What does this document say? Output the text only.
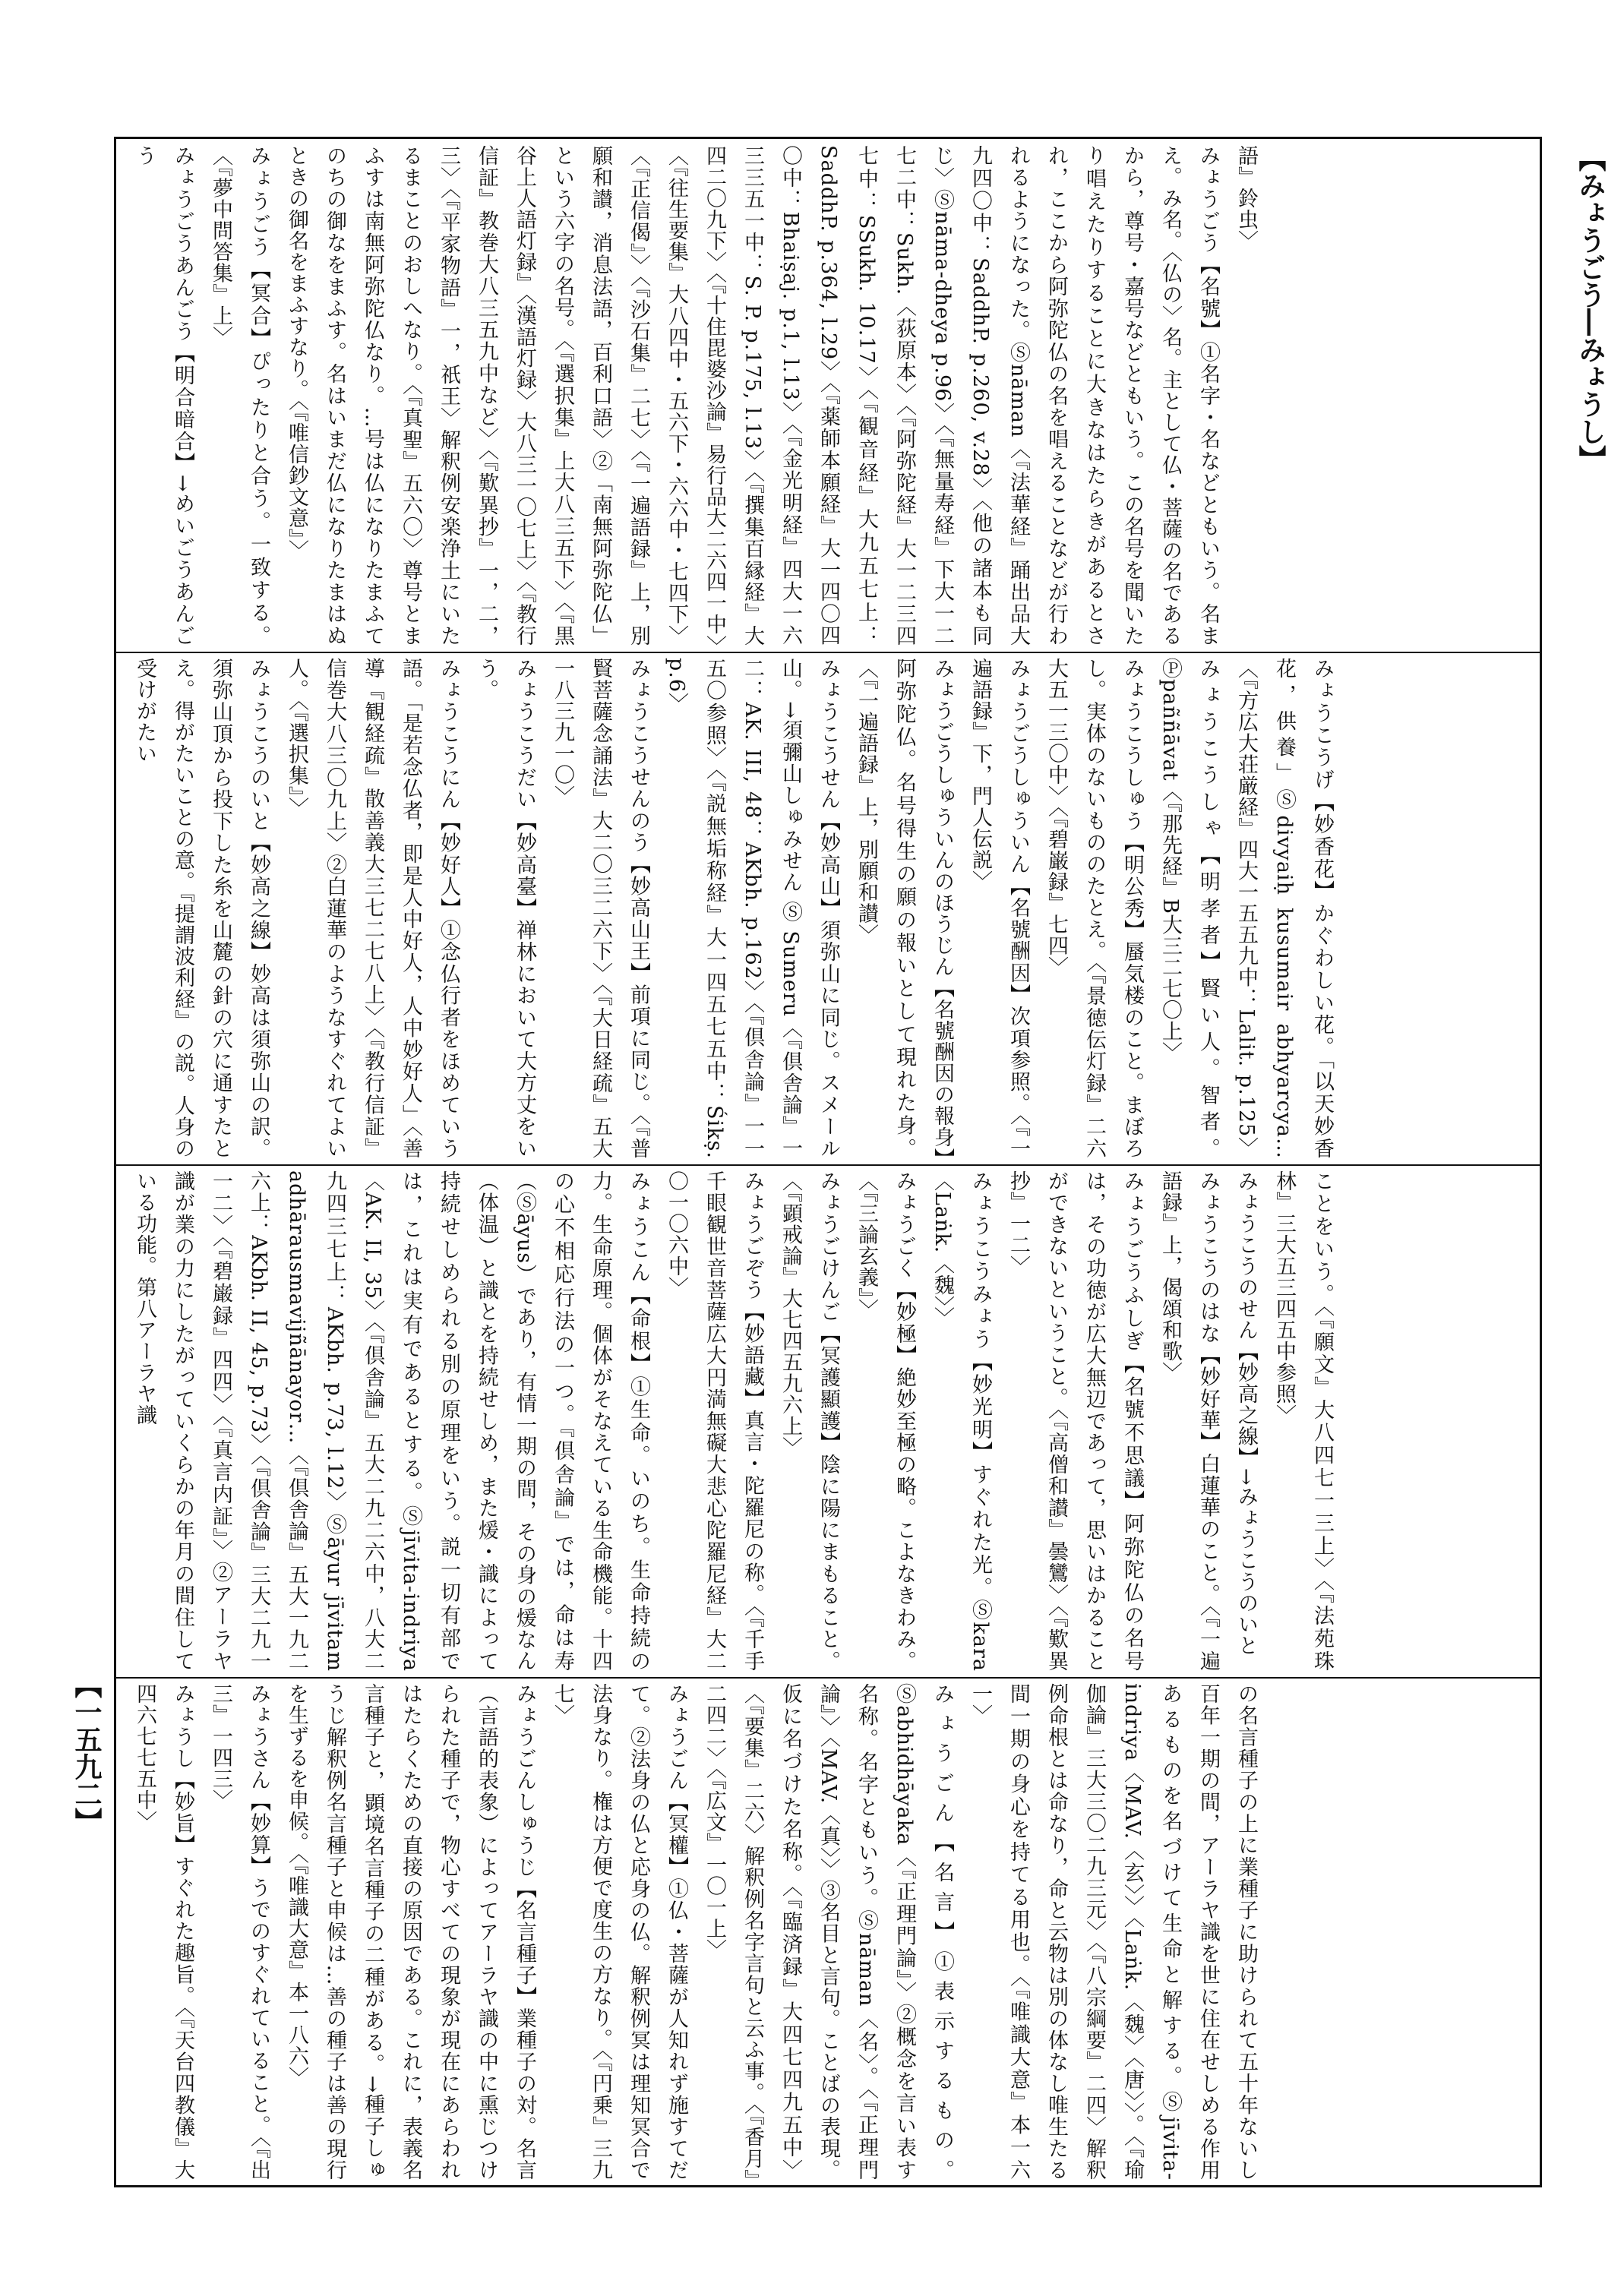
【みょうごう―みょうし】

語』鈴虫〉

みょうごう【名號】①名字・名などともいう。名まえ。み名。〈仏の〉名。主として仏・菩薩の名であるから，尊号・嘉号などともいう。この名号を聞いたり唱えたりすることに大きなはたらきがあるとされ，ここから阿弥陀仏の名を唱えることなどが行われるようになった。Ⓢnāman〈『法華経』踊出品大九四〇中：SaddhP. p.260, v.28〉〈他の諸本も同じ〉Ⓢnāma-dheya p.96〉〈『無量寿経』下大一二七二中：Sukh.〈荻原本〉〈『阿弥陀経』大一二三四七中：SSukh. 10.17〉〈『観音経』大九五七上：SaddhP. p.364, l.29〉〈『薬師本願経』大一四〇四〇中：Bhaiṣaj. p.1, l.13〉〈『金光明経』四大一六三三五一中：S. P. p.175, l.13〉〈『撰集百縁経』大四二〇九下〉〈『十住毘婆沙論』易行品大二六四一中〉〈『往生要集』大八四中・五六下・六六中・七四下〉〈『正信偈』〉〈『沙石集』二七〉〈『一遍語録』上，別願和讃，消息法語，百利口語〉②「南無阿弥陀仏」という六字の名号。〈『選択集』上大八三五下〉〈『黒谷上人語灯録』〈漢語灯録〉大八三一〇七上〉〈『教行信証』教巻大八三五九中など〉〈『歎異抄』一，二，三〉〈『平家物語』一，祇王〉解釈例安楽浄土にいたるまことのおしへなり。〈『真聖』五六〇〉尊号とまふすは南無阿弥陀仏なり。…号は仏になりたまふてのちの御なをまふす。名はいまだ仏になりたまはぬときの御名をまふすなり。〈『唯信鈔文意』〉

みょうごう【冥合】ぴったりと合う。一致する。〈『夢中問答集』上〉

みょうごうあんごう【明合暗合】→めいごうあんごう

みょうこうげ【妙香花】かぐわしい花。「以天妙香花，供養」Ⓢdivyaiḥ kusumair abhyarcya…〈『方広大荘厳経』四大一五五九中：Lalit. p.125〉

みょうこうしゃ【明孝者】賢い人。智者。Ⓟpaññāvat〈『那先経』B大三二七〇上〉

みょうこうしゅう【明公秀】蜃気楼のこと。まぼろし。実体のないもののたとえ。〈『景徳伝灯録』二六大五一三〇中〉〈『碧巌録』七四〉

みょうごうしゅういん【名號酬因】次項参照。〈『一遍語録』下，門人伝説〉

みょうごうしゅういんのほうじん【名號酬因の報身】阿弥陀仏。名号得生の願の報いとして現れた身。〈『一遍語録』上，別願和讃〉

みょうこうせん【妙高山】須弥山に同じ。スメール山。→須彌山しゅみせん Ⓢ Sumeru〈『倶舎論』一二：AK. III, 48：AKbh. p.162〉〈『倶舎論』一一五〇参照〉〈『説無垢称経』大一四五七五中：Śikṣ. p.6〉

みょうこうせんのう【妙高山王】前項に同じ。〈『普賢菩薩念誦法』大二〇三二六下〉〈『大日経疏』五大一八三九一〇〉

みょうこうだい【妙高臺】禅林において大方丈をいう。

みょうこうにん【妙好人】①念仏行者をほめていう語。「是若念仏者，即是人中好人，人中妙好人」〈善導『観経疏』散善義大三七二七八上〉〈『教行信証』信巻大八三〇九上〉②白蓮華のようなすぐれてよい人。〈『選択集』〉

みょうこうのいと【妙高之線】妙高は須弥山の訳。須弥山頂から投下した糸を山麓の針の穴に通すたとえ。得がたいことの意。『提謂波利経』の説。人身の受けがたい

ことをいう。〈『願文』大八四七一三上〉〈『法苑珠林』三大五三四五中参照〉

みょうこうのせん【妙高之線】→みょうこうのいと

みょうこうのはな【妙好華】白蓮華のこと。〈『一遍語録』上，偈頌和歌〉

みょうごうふしぎ【名號不思議】阿弥陀仏の名号は，その功徳が広大無辺であって，思いはかることができないということ。〈『高僧和讃』曇鸞〉〈『歎異抄』一二〉

みょうこうみょう【妙光明】すぐれた光。Ⓢkara〈Laṅk.〈魏〉〉

みょうごく【妙極】絶妙至極の略。こよなきわみ。〈『三論玄義』〉

みょうごけんご【冥護顯護】陰に陽にまもること。〈『顕戒論』大七四五九六上〉

みょうごぞう【妙語藏】真言・陀羅尼の称。〈『千手千眼観世音菩薩広大円満無礙大悲心陀羅尼経』大二〇一〇六中〉

みょうこん【命根】①生命。いのち。生命持続の力。生命原理。個体がそなえている生命機能。十四の心不相応行法の一つ。『倶舎論』では，命は寿（Ⓢāyus）であり，有情一期の間，その身の煖なん（体温）と識とを持続せしめ，また煖・識によって持続せしめられる別の原理をいう。説一切有部では，これは実有であるとする。Ⓢjīvita-indriya〈AK. II, 35〉〈『倶舎論』五大二九二六中，八大二九四三七上：AKbh. p.73, l.12〉Ⓢāyur jīvitam adhārausmavijñānayor…〈『倶舎論』五大一九二六上：AKbh. II, 45, p.73〉〈『倶舎論』三大二九一一二〉〈『碧巌録』四四〉〈『真言内証』〉②アーラヤ識が業の力にしたがっていくらかの年月の間住している功能。第八アーラヤ識

の名言種子の上に業種子に助けられて五十年ないし百年一期の間，アーラヤ識を世に住在せしめる作用あるものを名づけて生命と解する。Ⓢjīvita-indriya〈MAV.〈玄〉〉〈Laṅk.〈魏〉〈唐〉〉。〈『瑜伽論』三大三〇二九三元〉〈『八宗綱要』二四〉解釈例命根とは命なり，命と云物は別の体なし唯生たる間一期の身心を持てる用也。〈『唯識大意』本一六一〉

みょうごん【名言】①表示するもの。Ⓢabhidhāyaka〈『正理門論』〉②概念を言い表す名称。名字ともいう。Ⓢnāman〈名〉。〈『正理門論』〉〈MAV.〈真〉〉③名目と言句。ことばの表現。仮に名づけた名称。〈『臨済録』大四七四九五中〉〈『要集』二六〉解釈例名字言句と云ふ事。〈『香月』二四二〉〈『広文』一〇一上〉

みょうごん【冥權】①仏・菩薩が人知れず施すてだて。②法身の仏と応身の仏。解釈例冥は理知冥合で法身なり。権は方便で度生の方なり。〈『円乗』三九七〉

みょうごんしゅうじ【名言種子】業種子の対。名言（言語的表象）によってアーラヤ識の中に熏じつけられた種子で，物心すべての現象が現在にあらわれはたらくための直接の原因である。これに，表義名言種子と，顕境名言種子の二種がある。→種子しゅうじ解釈例名言種子と申候は…善の種子は善の現行を生ずるを申候。〈『唯識大意』本一八六〉

みょうさん【妙算】うでのすぐれていること。〈『出三』一四三〉

みょうし【妙旨】すぐれた趣旨。〈『天台四教儀』大四六七七五中〉

【一五九二】
